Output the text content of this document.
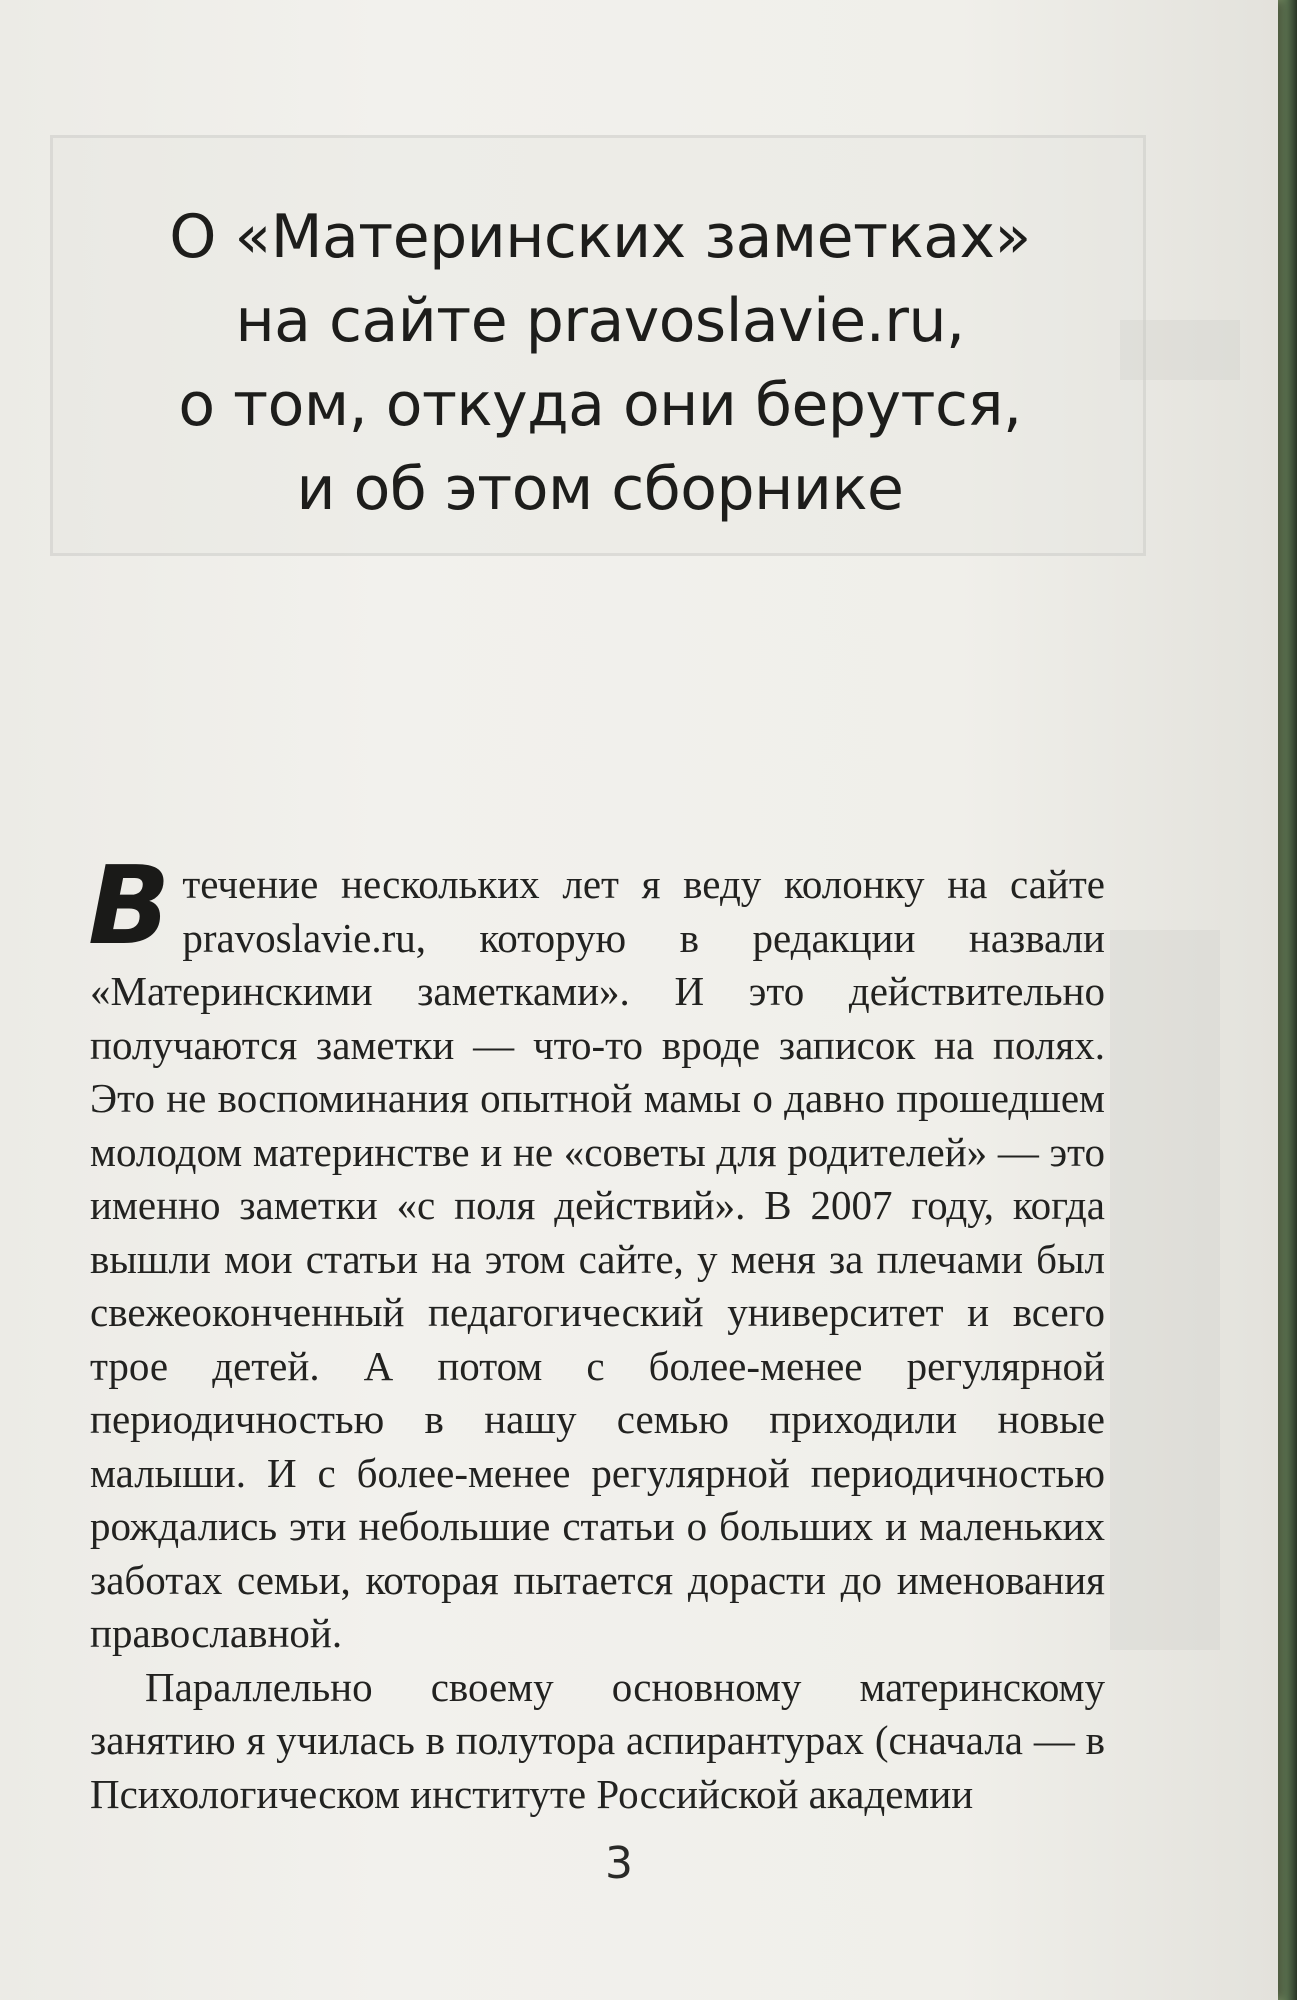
О «Материнских заметках»
на сайте pravoslavie.ru,
о том, откуда они берутся,
и об этом сборнике

Втечение нескольких лет я веду колонку на сайте pravoslavie.ru, которую в редакции назвали «Материнскими заметками». И это действительно получаются заметки — что-то вроде записок на полях. Это не воспоминания опытной мамы о давно прошедшем молодом материнстве и не «советы для родителей» — это именно заметки «с поля действий». В 2007 году, когда вышли мои статьи на этом сайте, у меня за плечами был свежеоконченный педагогический университет и всего трое детей. А потом с более-менее регулярной периодичностью в нашу семью приходили новые малыши. И с более-менее регулярной периодичностью рождались эти небольшие статьи о больших и маленьких заботах семьи, которая пытается дорасти до именования православной.

Параллельно своему основному материнскому занятию я училась в полутора аспирантурах (сначала — в Психологическом институте Российской академии

3
